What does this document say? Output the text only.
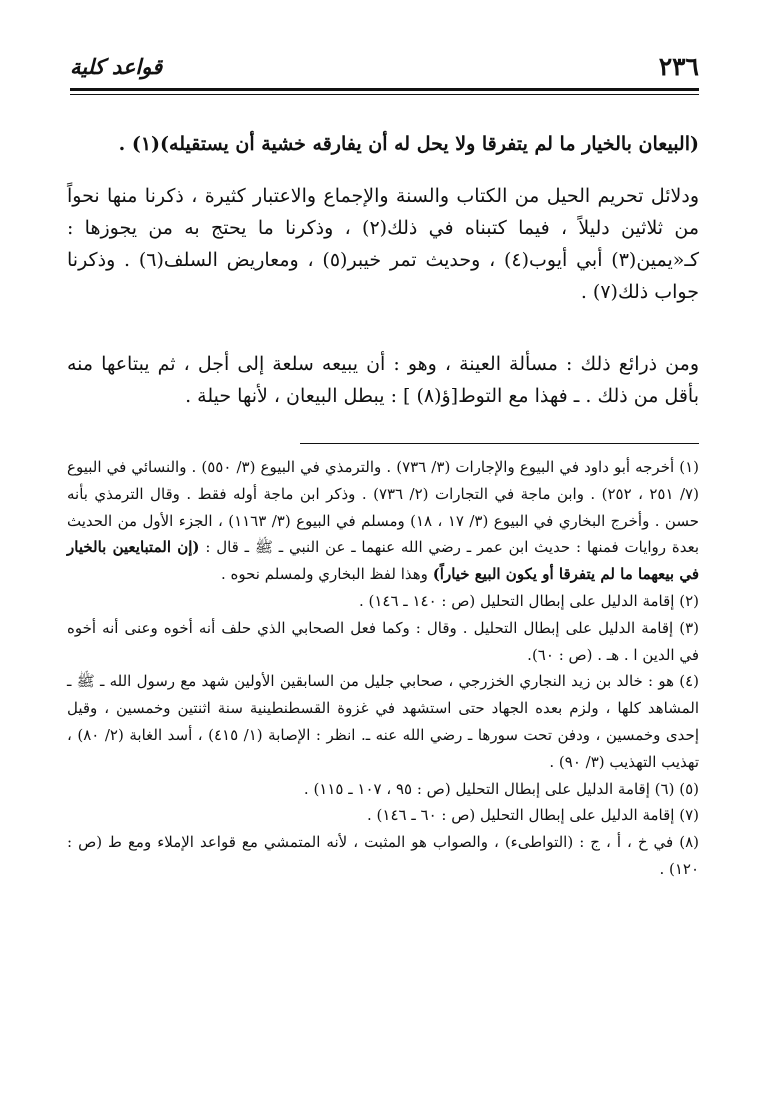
قواعد كلية	٢٣٦

(البيعان بالخيار ما لم يتفرقا ولا يحل له أن يفارقه خشية أن يستقيله)(١) .

ودلائل تحريم الحيل من الكتاب والسنة والإجماع والاعتبار كثيرة ، ذكرنا منها نحواً من ثلاثين دليلاً ، فيما كتبناه في ذلك(٢) ، وذكرنا ما يحتج به من يجوزها : كـ«يمين(٣) أبي أيوب(٤) ، وحديث تمر خيبر(٥) ، ومعاريض السلف(٦) . وذكرنا جواب ذلك(٧) .

ومن ذرائع ذلك : مسألة العينة ، وهو : أن يبيعه سلعة إلى أجل ، ثم يبتاعها منه بأقل من ذلك . ـ فهذا مع التوط[ؤ(٨) ] : يبطل البيعان ، لأنها حيلة .

(١) أخرجه أبو داود في البيوع والإجارات (٣/ ٧٣٦) . والترمذي في البيوع (٣/ ٥٥٠) . والنسائي في البيوع (٧/ ٢٥١ ، ٢٥٢) . وابن ماجة في التجارات (٢/ ٧٣٦) . وذكر ابن ماجة أوله فقط . وقال الترمذي بأنه حسن . وأخرج البخاري في البيوع (٣/ ١٧ ، ١٨) ومسلم في البيوع (٣/ ١١٦٣) ، الجزء الأول من الحديث بعدة روايات فمنها : حديث ابن عمر ـ رضي الله عنهما ـ عن النبي ـ ﷺ ـ قال : (إن المتبايعين بالخيار في بيعهما ما لم يتفرقا أو يكون البيع خياراً) وهذا لفظ البخاري ولمسلم نحوه .

(٢) إقامة الدليل على إبطال التحليل (ص : ١٤٠ ـ ١٤٦) .

(٣) إقامة الدليل على إبطال التحليل . وقال : وكما فعل الصحابي الذي حلف أنه أخوه وعنى أنه أخوه في الدين ا . هـ . (ص : ٦٠).

(٤) هو : خالد بن زيد النجاري الخزرجي ، صحابي جليل من السابقين الأولين شهد مع رسول الله ـ ﷺ ـ المشاهد كلها ، ولزم بعده الجهاد حتى استشهد في غزوة القسطنطينية سنة اثنتين وخمسين ، وقيل إحدى وخمسين ، ودفن تحت سورها ـ رضي الله عنه ـ. انظر : الإصابة (١/ ٤١٥) ، أسد الغابة (٢/ ٨٠) ، تهذيب التهذيب (٣/ ٩٠) .

(٥) (٦) إقامة الدليل على إبطال التحليل (ص : ٩٥ ، ١٠٧ ـ ١١٥) .

(٧) إقامة الدليل على إبطال التحليل (ص : ٦٠ ـ ١٤٦) .

(٨) في خ ، أ ، ج : (التواطىء) ، والصواب هو المثبت ، لأنه المتمشي مع قواعد الإملاء ومع ط (ص : ١٢٠) .
